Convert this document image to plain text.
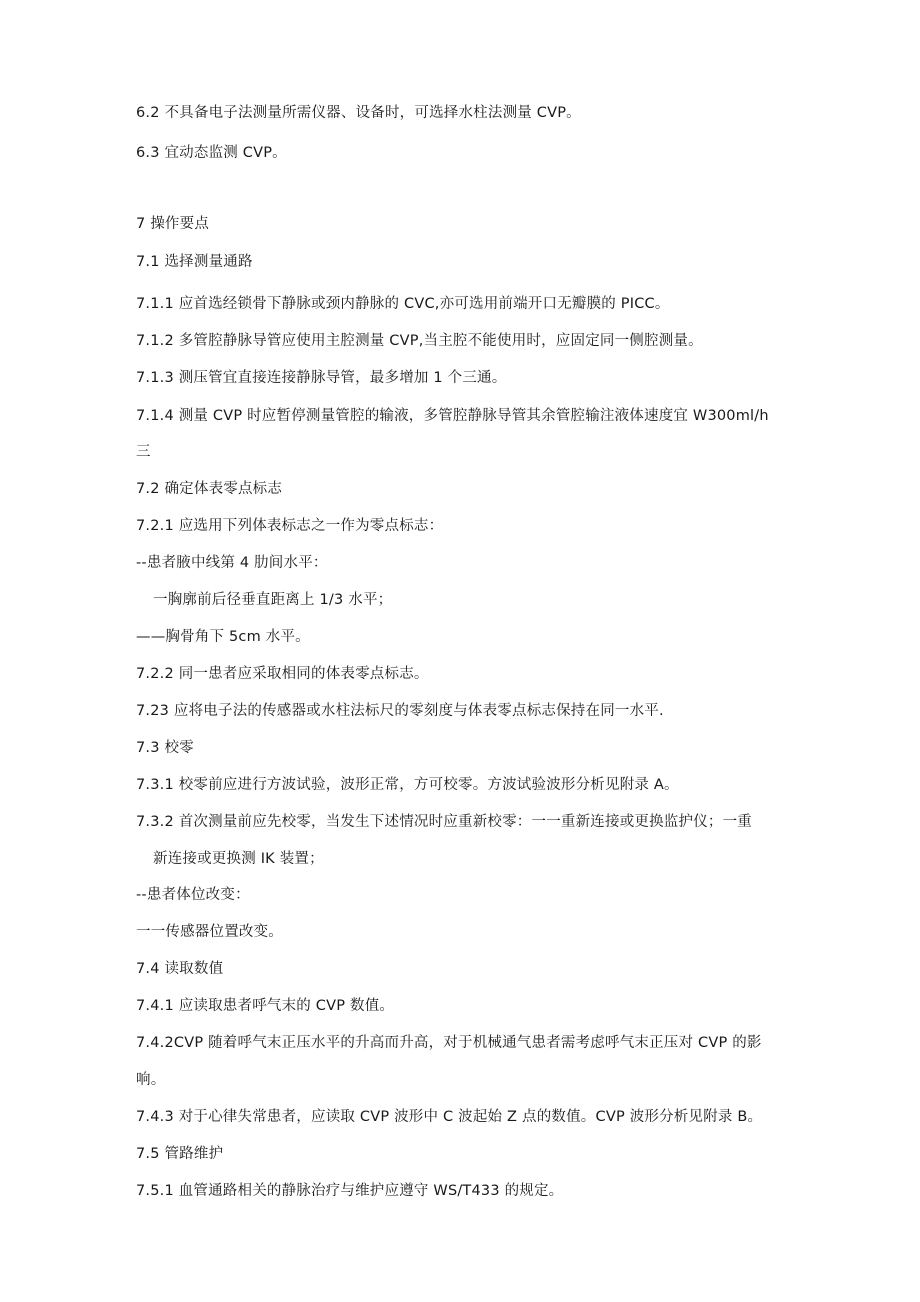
6.2 不具备电子法测量所需仪器、设备时，可选择水柱法测量 CVP。
6.3 宜动态监测 CVP。
7 操作要点
7.1 选择测量通路
7.1.1 应首选经锁骨下静脉或颈内静脉的 CVC,亦可选用前端开口无瓣膜的 PICC。
7.1.2 多管腔静脉导管应使用主腔测量 CVP,当主腔不能使用时，应固定同一侧腔测量。
7.1.3 测压管宜直接连接静脉导管，最多增加 1 个三通。
7.1.4 测量 CVP 时应暂停测量管腔的输液，多管腔静脉导管其余管腔输注液体速度宜 W300ml∕h
三
7.2 确定体表零点标志
7.2.1 应选用下列体表标志之一作为零点标志：
--患者腋中线第 4 肋间水平：
一胸廓前后径垂直距离上 1/3 水平；
——胸骨角下 5cm 水平。
7.2.2 同一患者应采取相同的体表零点标志。
7.23 应将电子法的传感器或水柱法标尺的零刻度与体表零点标志保持在同一水平.
7.3 校零
7.3.1 校零前应进行方波试验，波形正常，方可校零。方波试验波形分析见附录 A。
7.3.2 首次测量前应先校零，当发生下述情况时应重新校零：一一重新连接或更换监护仪；一重
新连接或更换测 IK 装置；
--患者体位改变：
一一传感器位置改变。
7.4 读取数值
7.4.1 应读取患者呼气末的 CVP 数值。
7.4.2CVP 随着呼气末正压水平的升高而升高，对于机械通气患者需考虑呼气末正压对 CVP 的影
响。
7.4.3 对于心律失常患者，应读取 CVP 波形中 C 波起始 Z 点的数值。CVP 波形分析见附录 B。
7.5 管路维护
7.5.1 血管通路相关的静脉治疗与维护应遵守 WS/T433 的规定。
